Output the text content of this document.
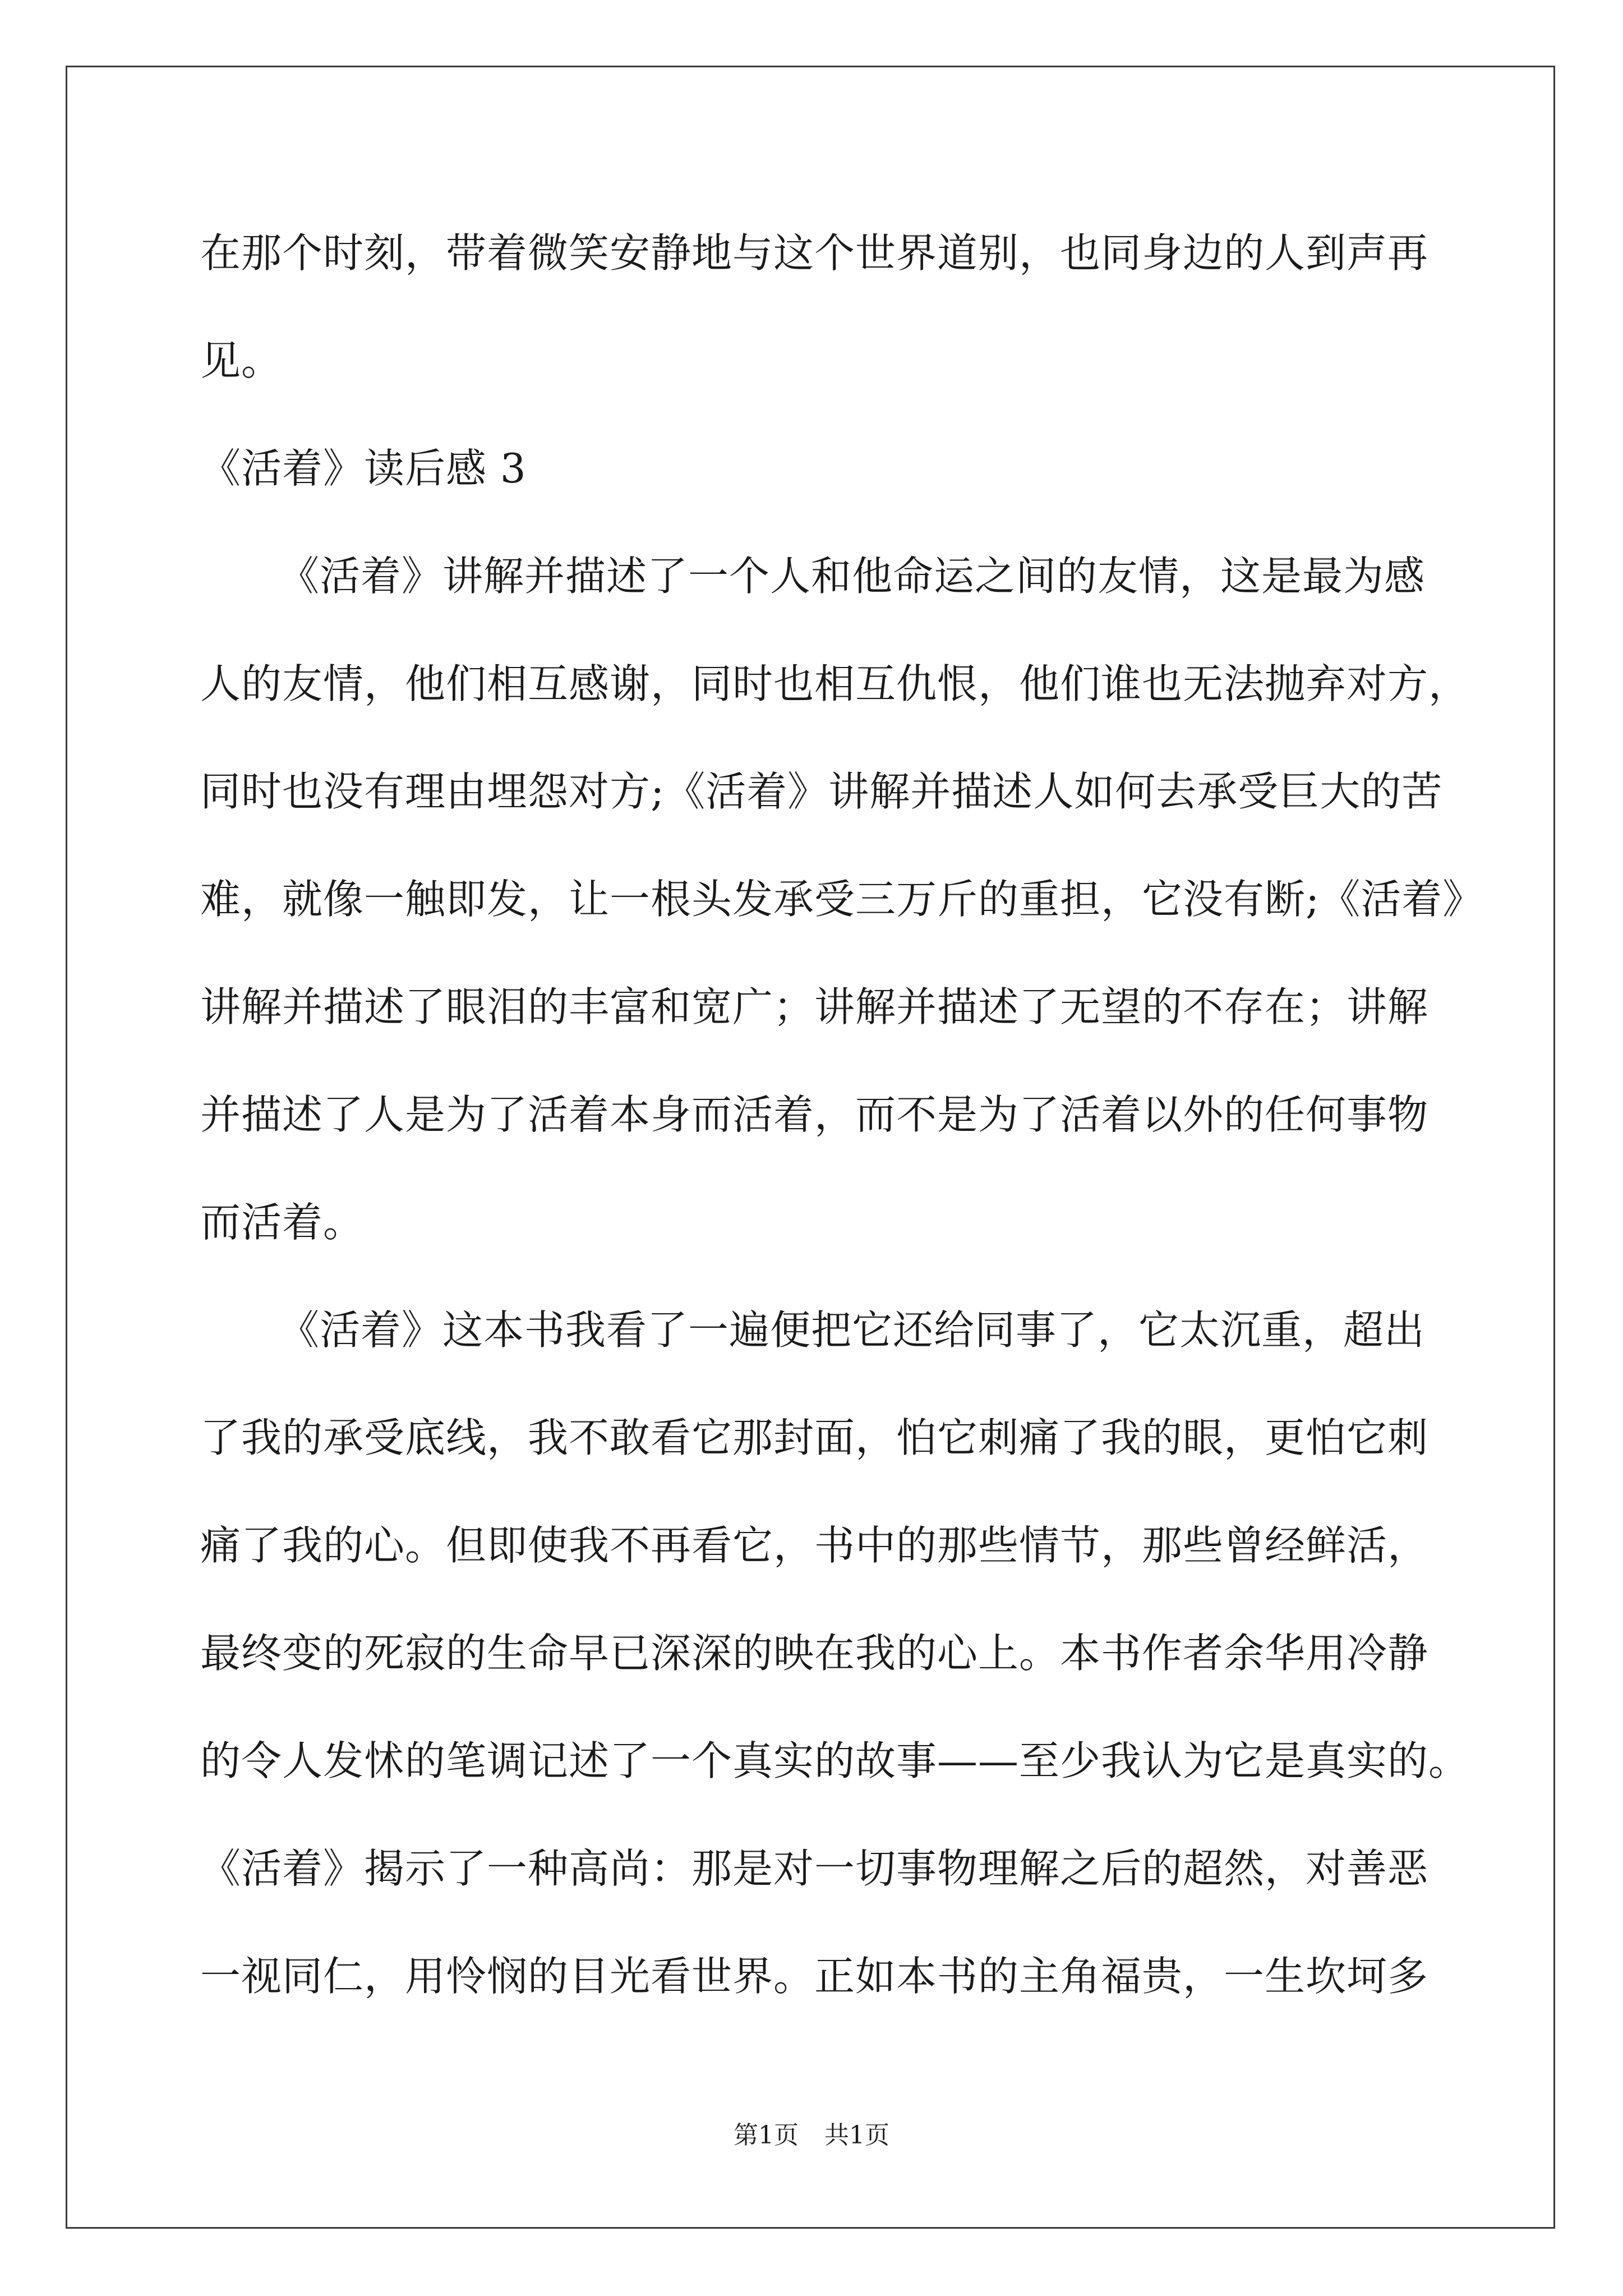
在那个时刻，带着微笑安静地与这个世界道别，也同身边的人到声再
见。
《活着》读后感 3
《活着》讲解并描述了一个人和他命运之间的友情，这是最为感
人的友情，他们相互感谢，同时也相互仇恨，他们谁也无法抛弃对方，
同时也没有理由埋怨对方;《活着》讲解并描述人如何去承受巨大的苦
难，就像一触即发，让一根头发承受三万斤的重担，它没有断;《活着》
讲解并描述了眼泪的丰富和宽广；讲解并描述了无望的不存在；讲解
并描述了人是为了活着本身而活着，而不是为了活着以外的任何事物
而活着。
《活着》这本书我看了一遍便把它还给同事了，它太沉重，超出
了我的承受底线，我不敢看它那封面，怕它刺痛了我的眼，更怕它刺
痛了我的心。但即使我不再看它，书中的那些情节，那些曾经鲜活，
最终变的死寂的生命早已深深的映在我的心上。本书作者余华用冷静
的令人发怵的笔调记述了一个真实的故事——至少我认为它是真实的。
《活着》揭示了一种高尚：那是对一切事物理解之后的超然，对善恶
一视同仁，用怜悯的目光看世界。正如本书的主角福贵，一生坎坷多
第1页 共1页
